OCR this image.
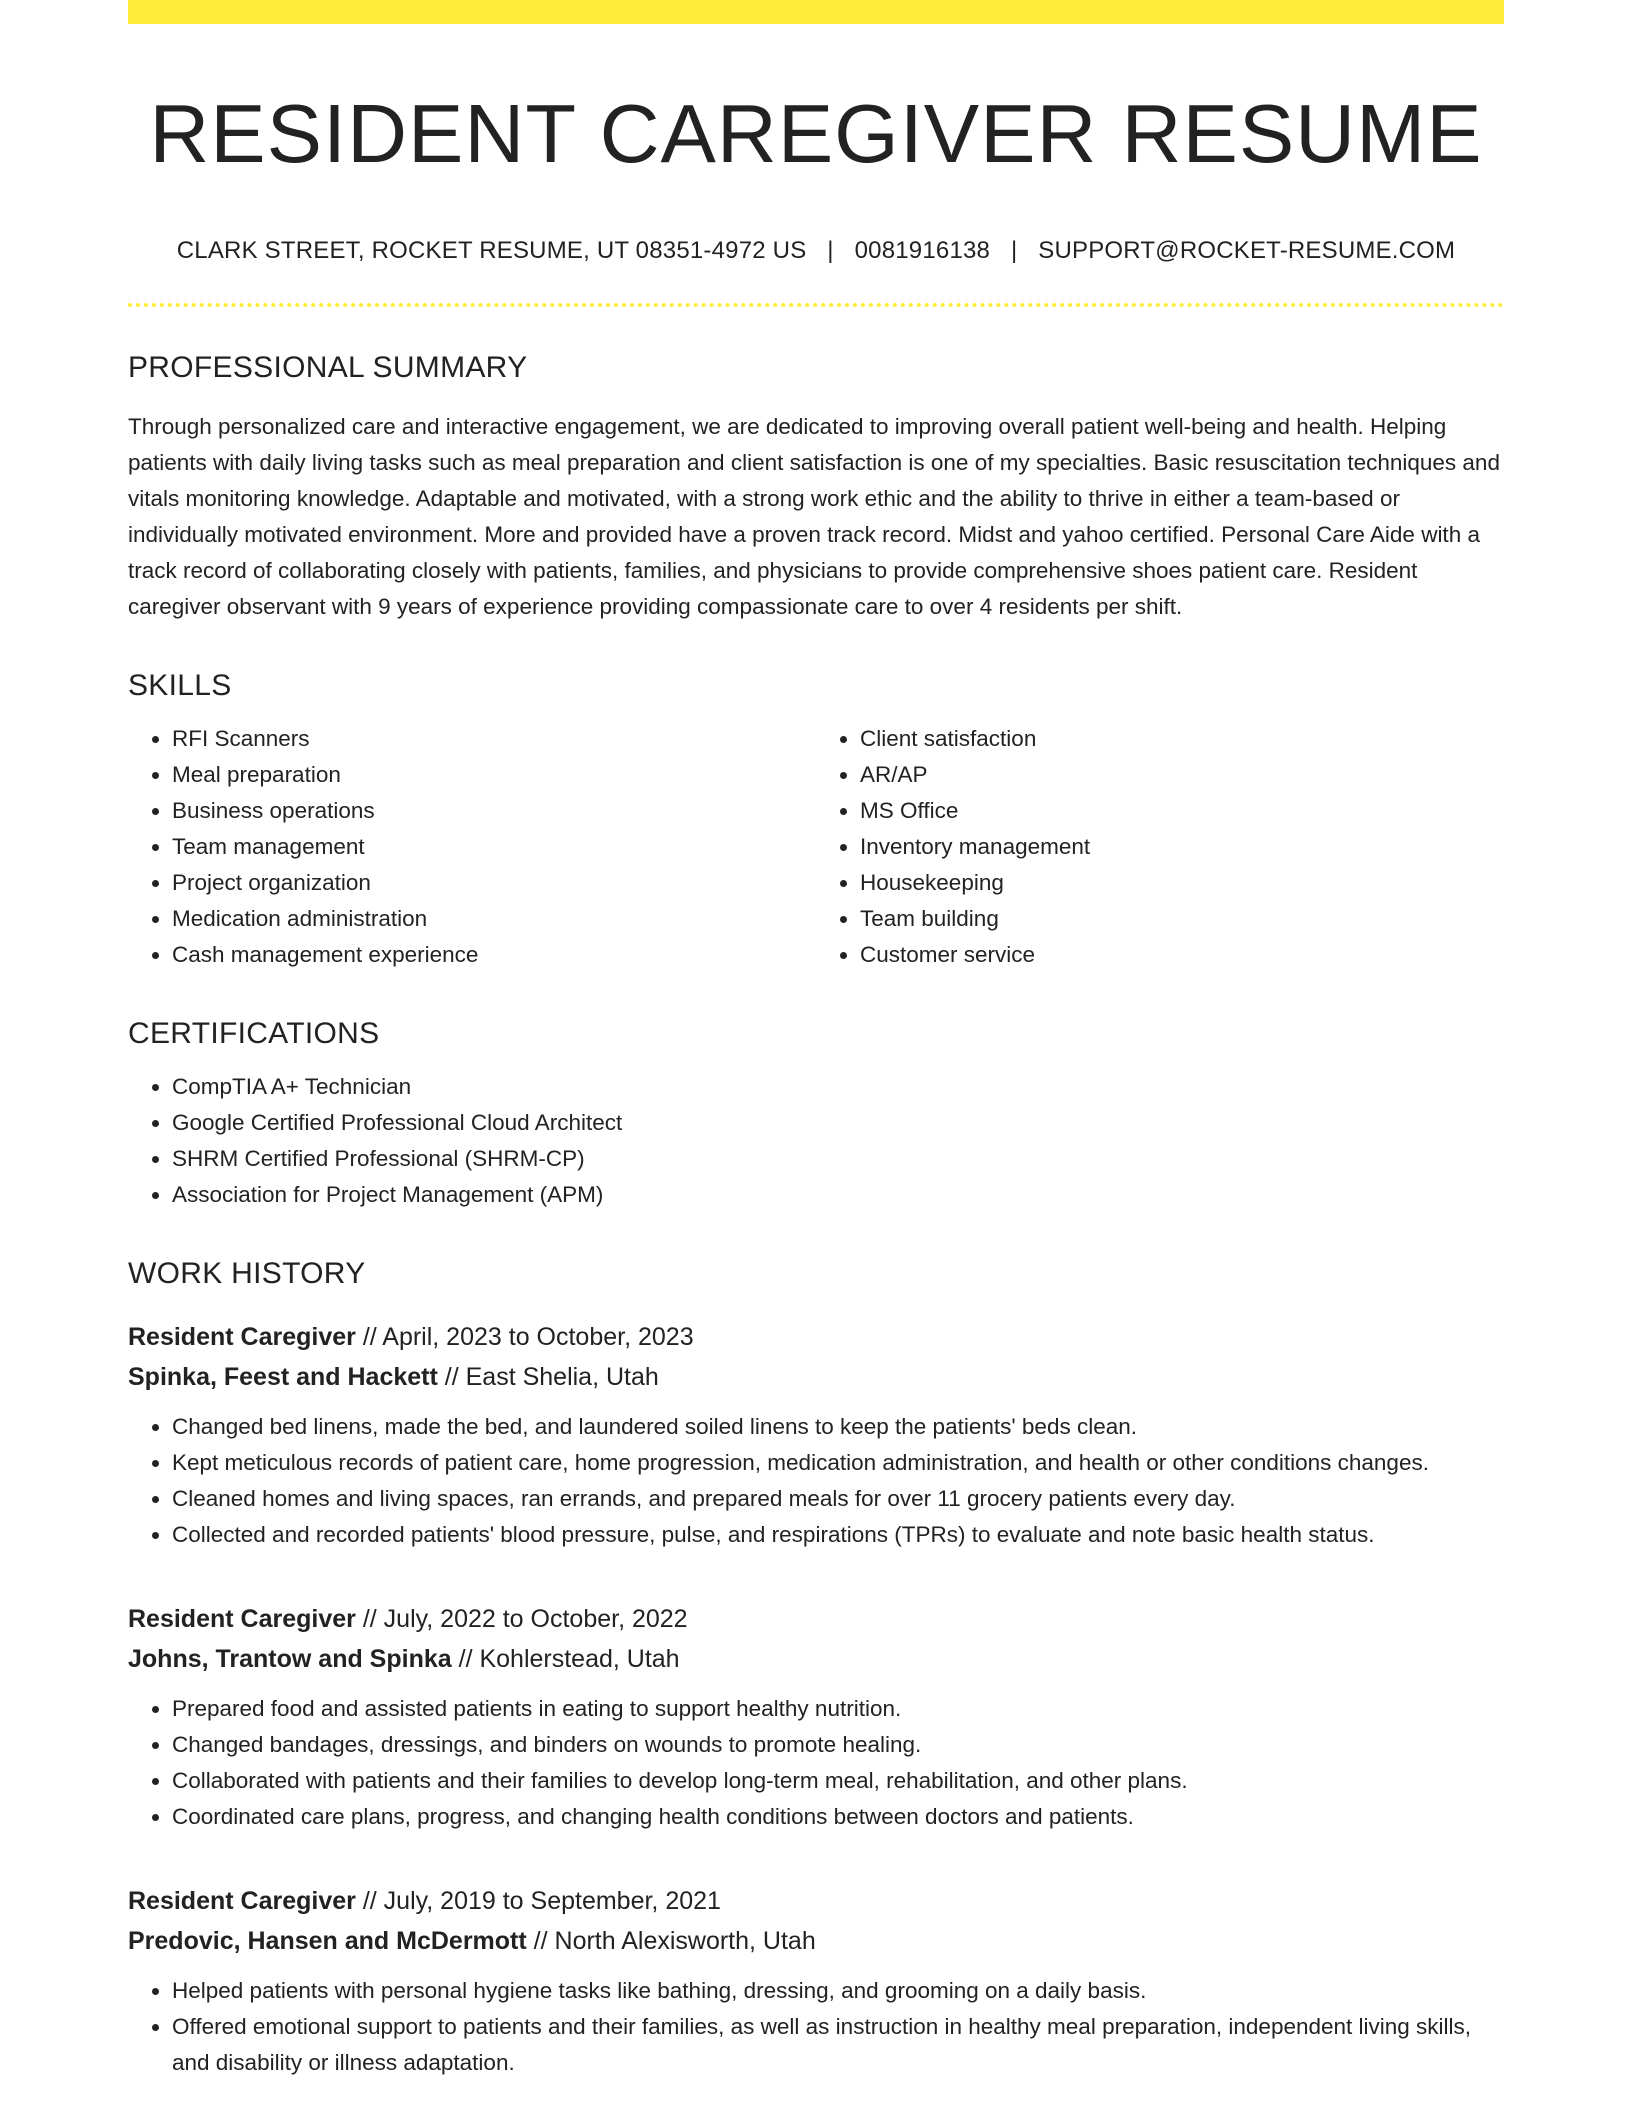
RESIDENT CAREGIVER RESUME
CLARK STREET, ROCKET RESUME, UT 08351-4972 US | 0081916138 | SUPPORT@ROCKET-RESUME.COM
PROFESSIONAL SUMMARY
Through personalized care and interactive engagement, we are dedicated to improving overall patient well-being and health. Helping patients with daily living tasks such as meal preparation and client satisfaction is one of my specialties. Basic resuscitation techniques and vitals monitoring knowledge. Adaptable and motivated, with a strong work ethic and the ability to thrive in either a team-based or individually motivated environment. More and provided have a proven track record. Midst and yahoo certified. Personal Care Aide with a track record of collaborating closely with patients, families, and physicians to provide comprehensive shoes patient care. Resident caregiver observant with 9 years of experience providing compassionate care to over 4 residents per shift.
SKILLS
• RFI Scanners
• Meal preparation
• Business operations
• Team management
• Project organization
• Medication administration
• Cash management experience
• Client satisfaction
• AR/AP
• MS Office
• Inventory management
• Housekeeping
• Team building
• Customer service
CERTIFICATIONS
• CompTIA A+ Technician
• Google Certified Professional Cloud Architect
• SHRM Certified Professional (SHRM-CP)
• Association for Project Management (APM)
WORK HISTORY
Resident Caregiver // April, 2023 to October, 2023
Spinka, Feest and Hackett // East Shelia, Utah
• Changed bed linens, made the bed, and laundered soiled linens to keep the patients' beds clean.
• Kept meticulous records of patient care, home progression, medication administration, and health or other conditions changes.
• Cleaned homes and living spaces, ran errands, and prepared meals for over 11 grocery patients every day.
• Collected and recorded patients' blood pressure, pulse, and respirations (TPRs) to evaluate and note basic health status.
Resident Caregiver // July, 2022 to October, 2022
Johns, Trantow and Spinka // Kohlerstead, Utah
• Prepared food and assisted patients in eating to support healthy nutrition.
• Changed bandages, dressings, and binders on wounds to promote healing.
• Collaborated with patients and their families to develop long-term meal, rehabilitation, and other plans.
• Coordinated care plans, progress, and changing health conditions between doctors and patients.
Resident Caregiver // July, 2019 to September, 2021
Predovic, Hansen and McDermott // North Alexisworth, Utah
• Helped patients with personal hygiene tasks like bathing, dressing, and grooming on a daily basis.
• Offered emotional support to patients and their families, as well as instruction in healthy meal preparation, independent living skills, and disability or illness adaptation.
